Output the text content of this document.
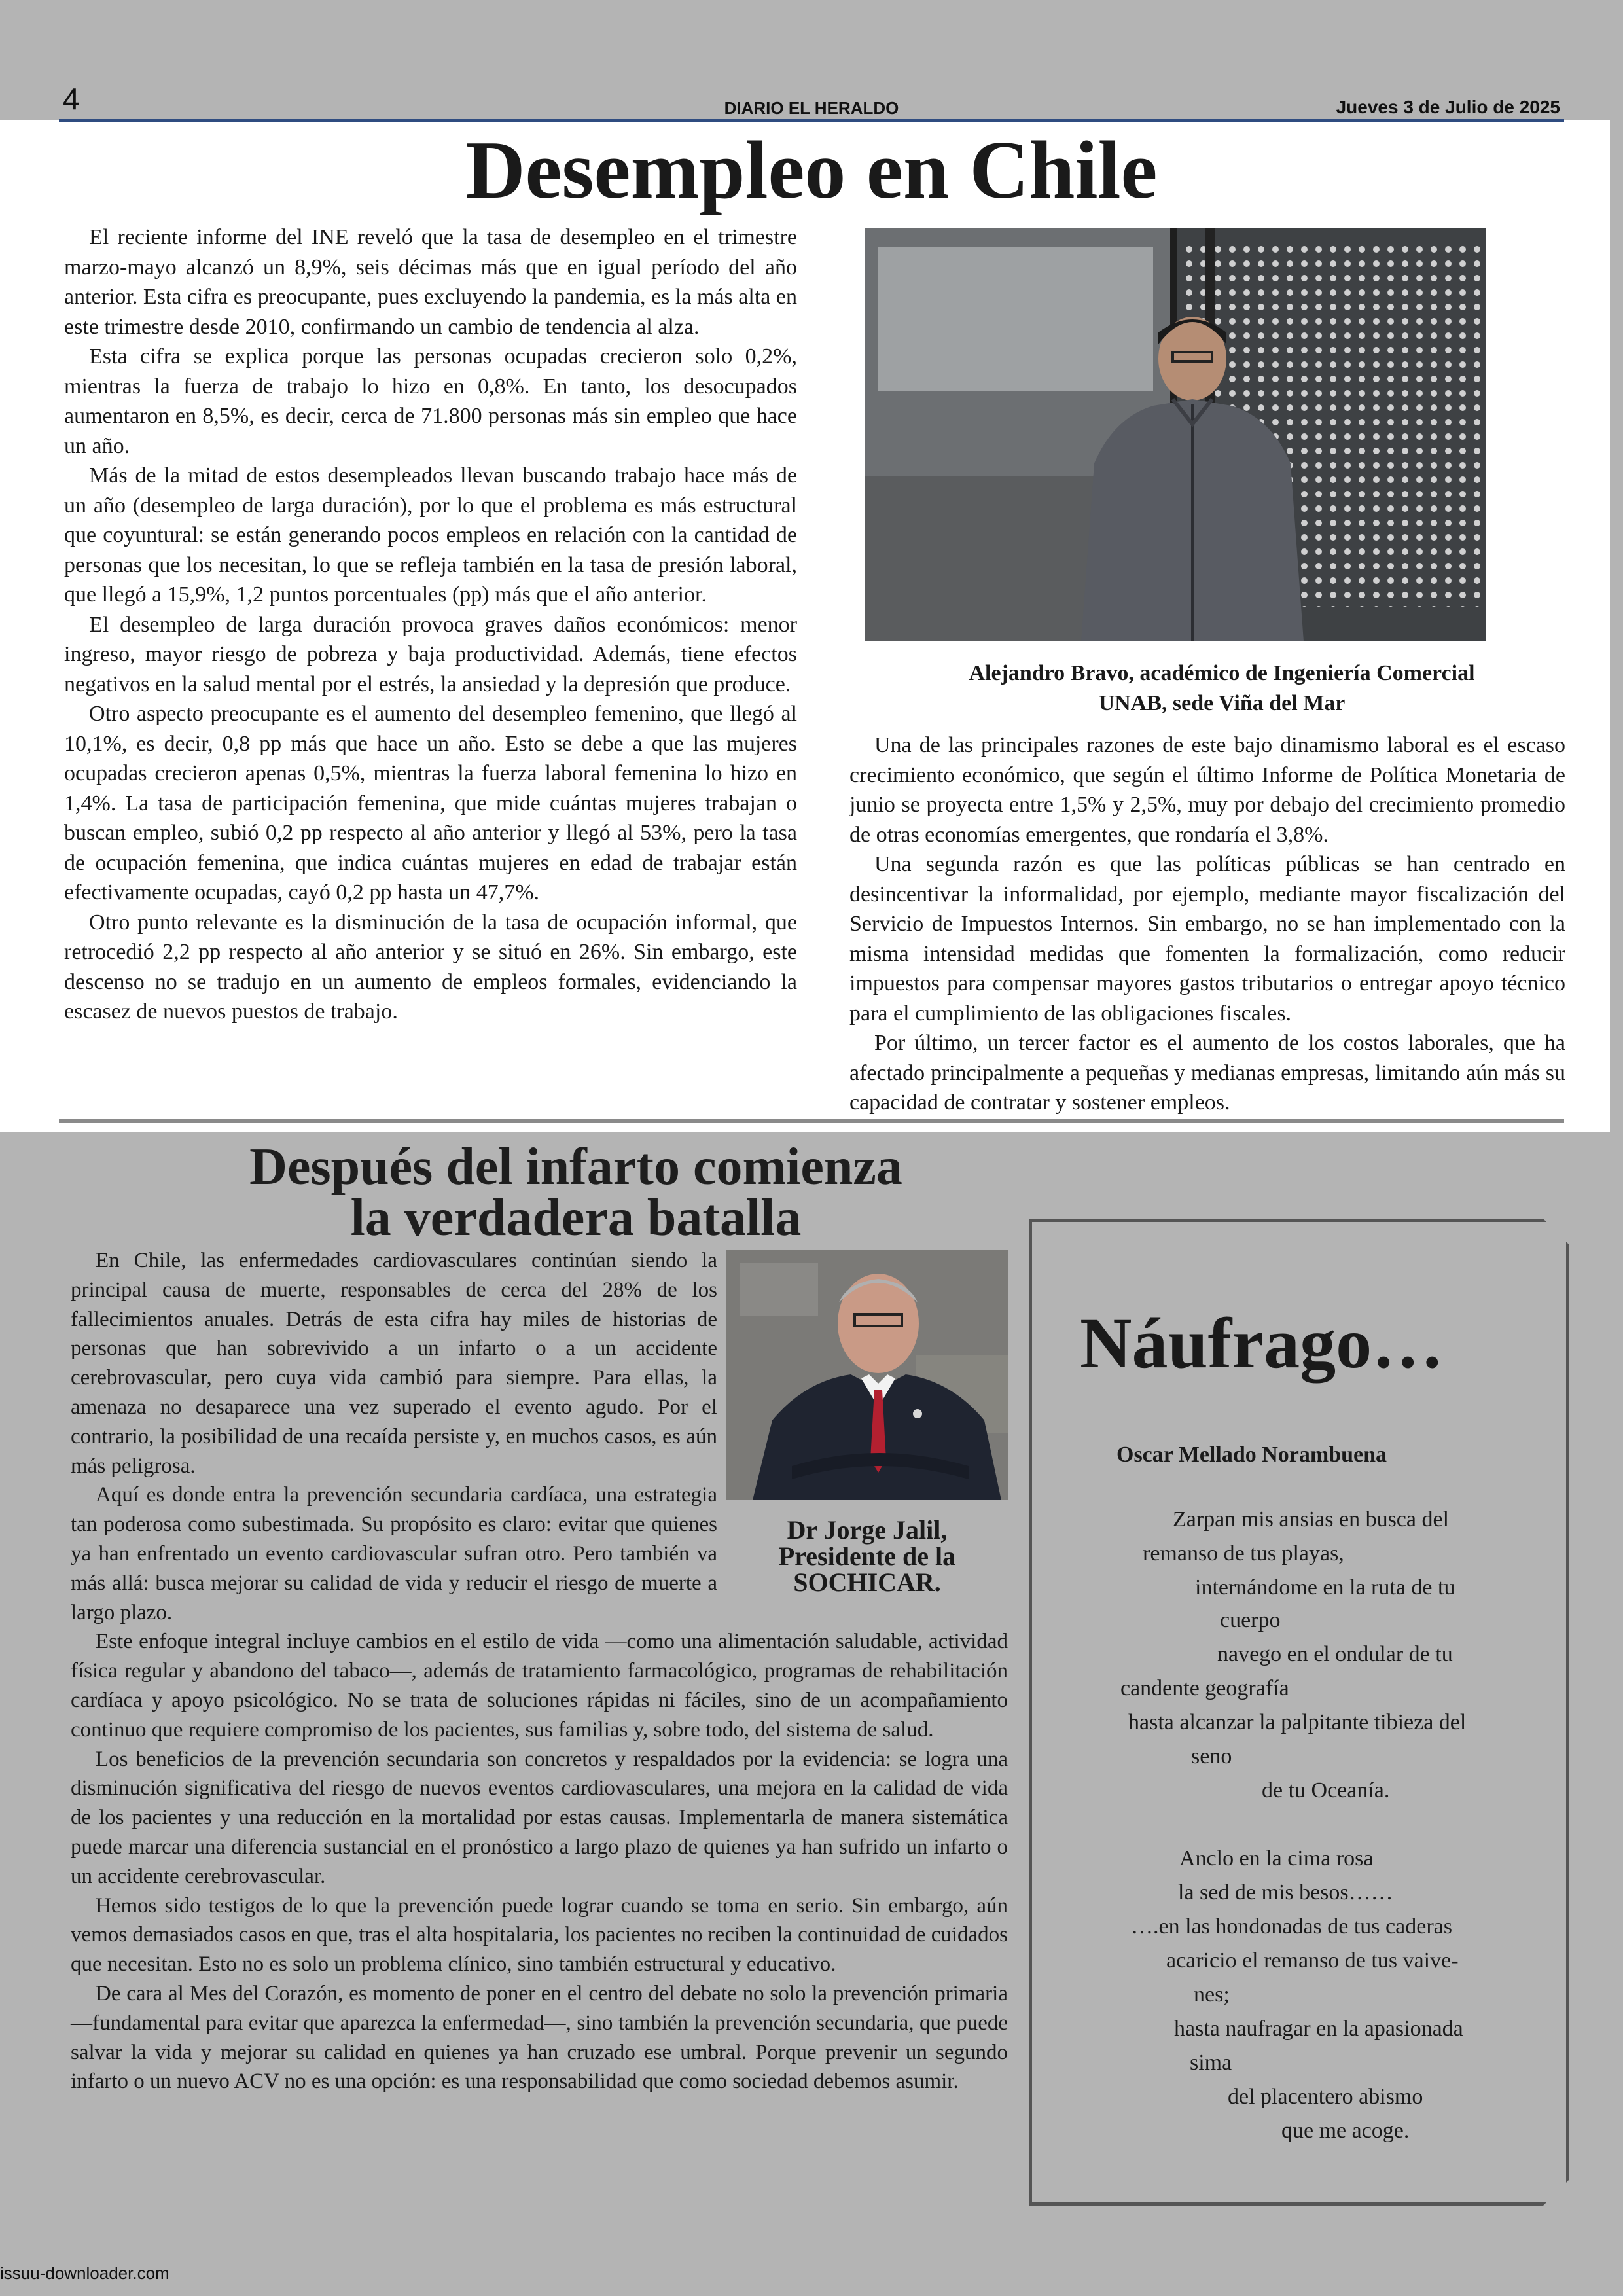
4	DIARIO EL HERALDO	Jueves 3 de Julio de 2025
Desempleo en Chile

El reciente informe del INE reveló que la tasa de desempleo en el trimestre marzo-mayo alcanzó un 8,9%, seis décimas más que en igual período del año anterior. Esta cifra es preocupante, pues excluyendo la pandemia, es la más alta en este trimestre desde 2010, confirmando un cambio de tendencia al alza.

Esta cifra se explica porque las personas ocupadas crecieron solo 0,2%, mientras la fuerza de trabajo lo hizo en 0,8%. En tanto, los desocupados aumentaron en 8,5%, es decir, cerca de 71.800 personas más sin empleo que hace un año.

Más de la mitad de estos desempleados llevan buscando trabajo hace más de un año (desempleo de larga duración), por lo que el problema es más estructural que coyuntural: se están generando pocos empleos en relación con la cantidad de personas que los necesitan, lo que se refleja también en la tasa de presión laboral, que llegó a 15,9%, 1,2 puntos porcentuales (pp) más que el año anterior.

El desempleo de larga duración provoca graves daños económicos: menor ingreso, mayor riesgo de pobreza y baja productividad. Además, tiene efectos negativos en la salud mental por el estrés, la ansiedad y la depresión que produce.

Otro aspecto preocupante es el aumento del desempleo femenino, que llegó al 10,1%, es decir, 0,8 pp más que hace un año. Esto se debe a que las mujeres ocupadas crecieron apenas 0,5%, mientras la fuerza laboral femenina lo hizo en 1,4%. La tasa de participación femenina, que mide cuántas mujeres trabajan o buscan empleo, subió 0,2 pp respecto al año anterior y llegó al 53%, pero la tasa de ocupación femenina, que indica cuántas mujeres en edad de trabajar están efectivamente ocupadas, cayó 0,2 pp hasta un 47,7%.

Otro punto relevante es la disminución de la tasa de ocupación informal, que retrocedió 2,2 pp respecto al año anterior y se situó en 26%. Sin embargo, este descenso no se tradujo en un aumento de empleos formales, evidenciando la escasez de nuevos puestos de trabajo.

Alejandro Bravo, académico de Ingeniería Comercial
UNAB, sede Viña del Mar

Una de las principales razones de este bajo dinamismo laboral es el escaso crecimiento económico, que según el último Informe de Política Monetaria de junio se proyecta entre 1,5% y 2,5%, muy por debajo del crecimiento promedio de otras economías emergentes, que rondaría el 3,8%.

Una segunda razón es que las políticas públicas se han centrado en desincentivar la informalidad, por ejemplo, mediante mayor fiscalización del Servicio de Impuestos Internos. Sin embargo, no se han implementado con la misma intensidad medidas que fomenten la formalización, como reducir impuestos para compensar mayores gastos tributarios o entregar apoyo técnico para el cumplimiento de las obligaciones fiscales.

Por último, un tercer factor es el aumento de los costos laborales, que ha afectado principalmente a pequeñas y medianas empresas, limitando aún más su capacidad de contratar y sostener empleos.

Después del infarto comienza
la verdadera batalla
Dr Jorge Jalil, Presidente de la SOCHICAR.

En Chile, las enfermedades cardiovasculares continúan siendo la principal causa de muerte, responsables de cerca del 28% de los fallecimientos anuales. Detrás de esta cifra hay miles de historias de personas que han sobrevivido a un infarto o a un accidente cerebrovascular, pero cuya vida cambió para siempre. Para ellas, la amenaza no desaparece una vez superado el evento agudo. Por el contrario, la posibilidad de una recaída persiste y, en muchos casos, es aún más peligrosa.

Aquí es donde entra la prevención secundaria cardíaca, una estrategia tan poderosa como subestimada. Su propósito es claro: evitar que quienes ya han enfrentado un evento cardiovascular sufran otro. Pero también va más allá: busca mejorar su calidad de vida y reducir el riesgo de muerte a largo plazo.

Este enfoque integral incluye cambios en el estilo de vida —como una alimentación saludable, actividad física regular y abandono del tabaco—, además de tratamiento farmacológico, programas de rehabilitación cardíaca y apoyo psicológico. No se trata de soluciones rápidas ni fáciles, sino de un acompañamiento continuo que requiere compromiso de los pacientes, sus familias y, sobre todo, del sistema de salud.

Los beneficios de la prevención secundaria son concretos y respaldados por la evidencia: se logra una disminución significativa del riesgo de nuevos eventos cardiovasculares, una mejora en la calidad de vida de los pacientes y una reducción en la mortalidad por estas causas. Implementarla de manera sistemática puede marcar una diferencia sustancial en el pronóstico a largo plazo de quienes ya han sufrido un infarto o un accidente cerebrovascular.

Hemos sido testigos de lo que la prevención puede lograr cuando se toma en serio. Sin embargo, aún vemos demasiados casos en que, tras el alta hospitalaria, los pacientes no reciben la continuidad de cuidados que necesitan. Esto no es solo un problema clínico, sino también estructural y educativo.

De cara al Mes del Corazón, es momento de poner en el centro del debate no solo la prevención primaria —fundamental para evitar que aparezca la enfermedad—, sino también la prevención secundaria, que puede salvar la vida y mejorar su calidad en quienes ya han cruzado ese umbral. Porque prevenir un segundo infarto o un nuevo ACV no es una opción: es una responsabilidad que como sociedad debemos asumir.

Náufrago…
Oscar Mellado Norambuena
Zarpan mis ansias en busca del
remanso de tus playas,
internándome en la ruta de tu
cuerpo
navego en el ondular de tu
candente geografía
hasta alcanzar la palpitante tibieza del
seno
de tu Oceanía.
Anclo en la cima rosa
la sed de mis besos……
….en las hondonadas de tus caderas
acaricio el remanso de tus vaive-
nes;
hasta naufragar en la apasionada
sima
del placentero abismo
que me acoge.
issuu-downloader.com
